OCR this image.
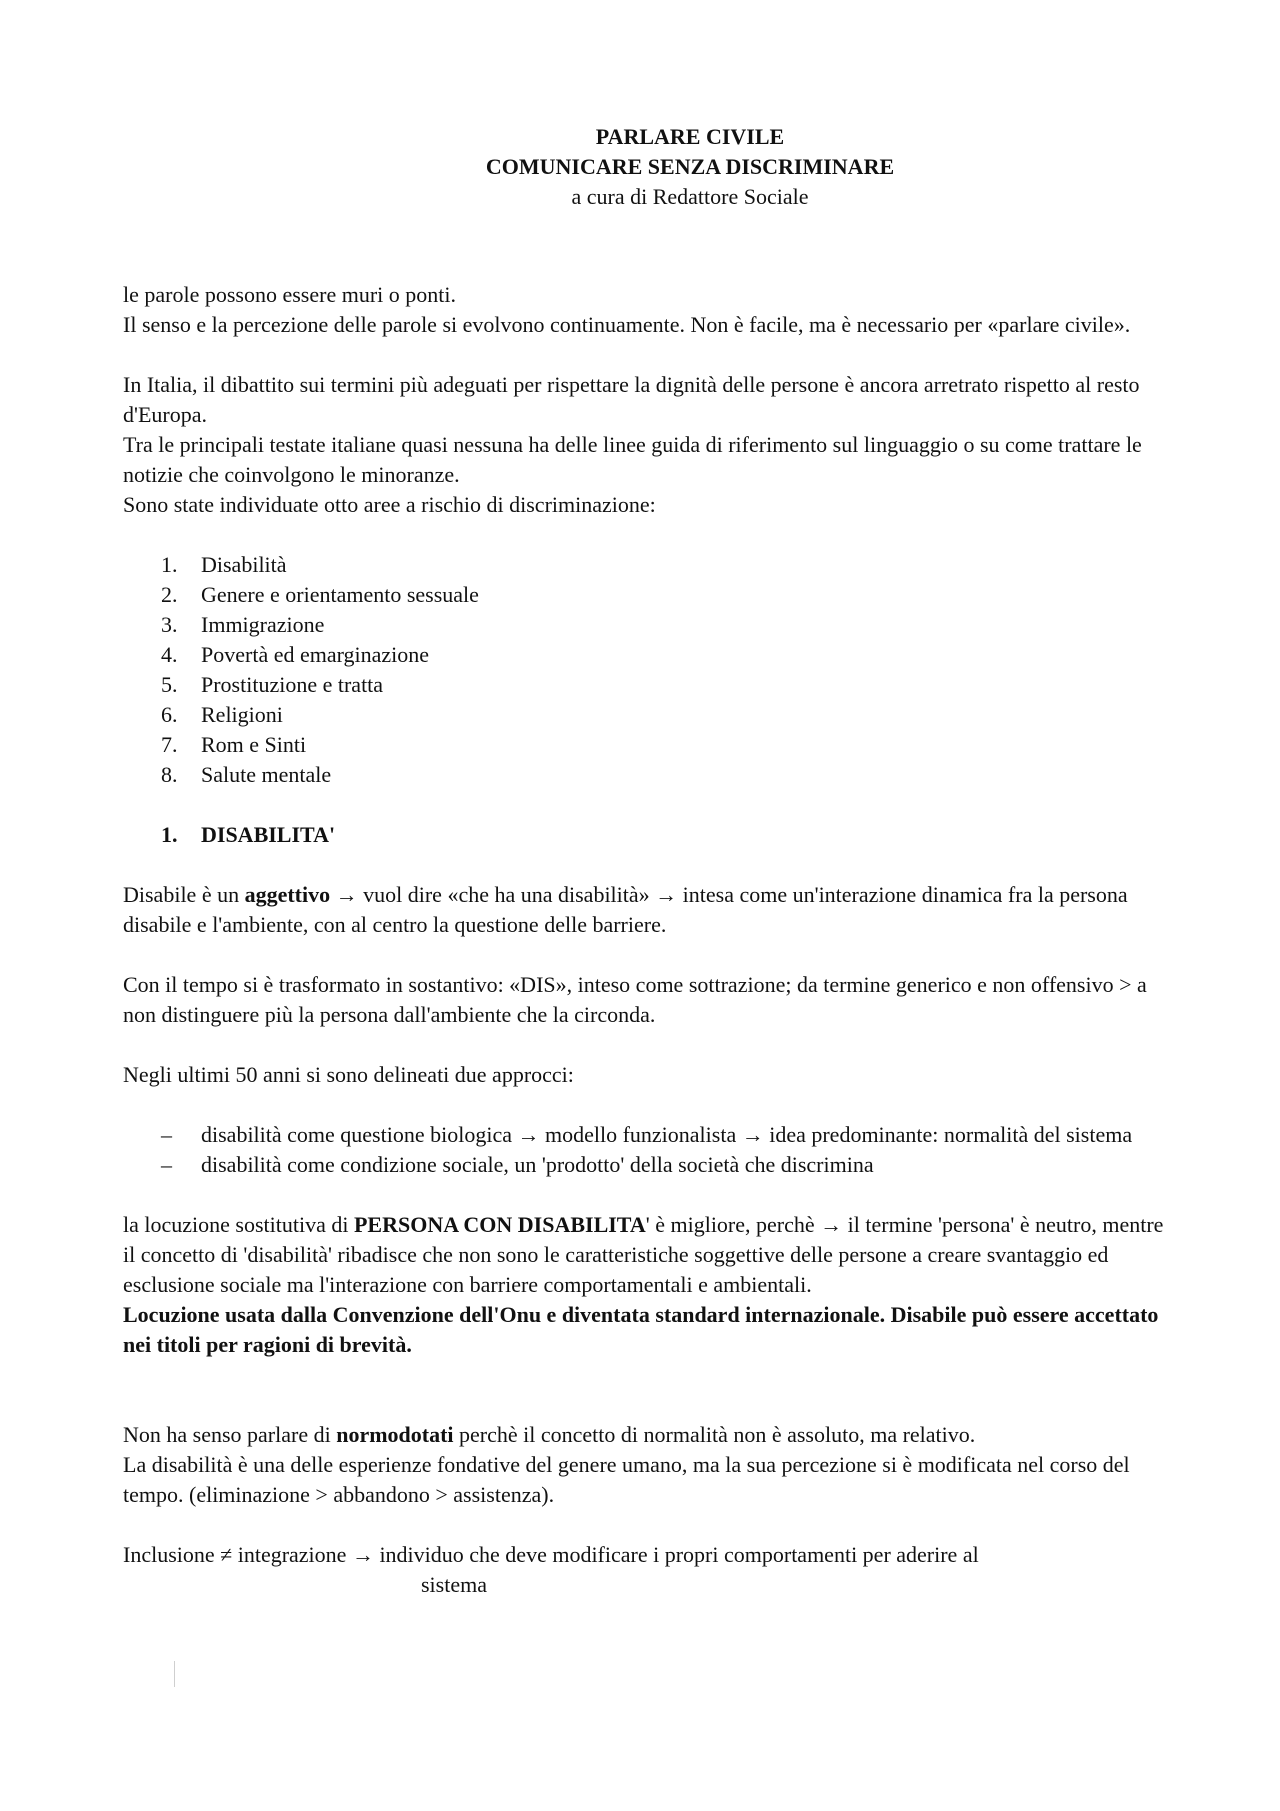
PARLARE CIVILE
COMUNICARE SENZA DISCRIMINARE
a cura di Redattore Sociale
le parole possono essere muri o ponti.
Il senso e la percezione delle parole si evolvono continuamente. Non è facile, ma è necessario per «parlare civile».
In Italia, il dibattito sui termini più adeguati per rispettare la dignità delle persone è ancora arretrato rispetto al resto d'Europa.
Tra le principali testate italiane quasi nessuna ha delle linee guida di riferimento sul linguaggio o su come trattare le notizie che coinvolgono le minoranze.
Sono state individuate otto aree a rischio di discriminazione:
1.	Disabilità
2.	Genere e orientamento sessuale
3.	Immigrazione
4.	Povertà ed emarginazione
5.	Prostituzione e tratta
6.	Religioni
7.	Rom e Sinti
8.	Salute mentale
1. DISABILITA'
Disabile è un aggettivo → vuol dire «che ha una disabilità» → intesa come un'interazione dinamica fra la persona disabile e l'ambiente, con al centro la questione delle barriere.
Con il tempo si è trasformato in sostantivo: «DIS», inteso come sottrazione; da termine generico e non offensivo > a non distinguere più la persona dall'ambiente che la circonda.
Negli ultimi 50 anni si sono delineati due approcci:
– disabilità come questione biologica → modello funzionalista → idea predominante: normalità del sistema
– disabilità come condizione sociale, un 'prodotto' della società che discrimina
la locuzione sostitutiva di PERSONA CON DISABILITA' è migliore, perchè → il termine 'persona' è neutro, mentre il concetto di 'disabilità' ribadisce che non sono le caratteristiche soggettive delle persone a creare svantaggio ed esclusione sociale ma l'interazione con barriere comportamentali e ambientali.
Locuzione usata dalla Convenzione dell'Onu e diventata standard internazionale. Disabile può essere accettato nei titoli per ragioni di brevità.
Non ha senso parlare di normodotati perchè il concetto di normalità non è assoluto, ma relativo.
La disabilità è una delle esperienze fondative del genere umano, ma la sua percezione si è modificata nel corso del tempo. (eliminazione > abbandono > assistenza).
Inclusione ≠ integrazione → individuo che deve modificare i propri comportamenti per aderire al
sistema
